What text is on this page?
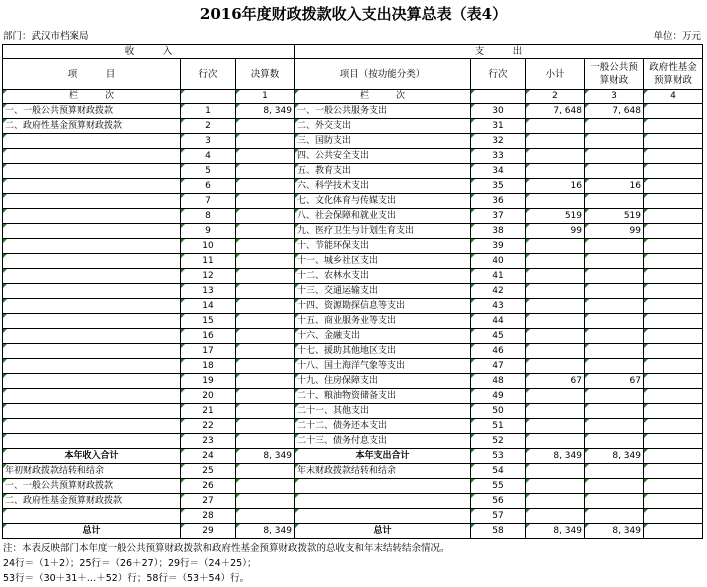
2016年度财政拨款收入支出决算总表（表4）
部门：武汉市档案局	单位：万元
收　　　入			支　　　出				
项　　　目	行次	决算数	项目（按功能分类）	行次	小计	一般公共预算财政	政府性基金预算财政
栏　　　次		1	栏　　　次		2	3	4
一、一般公共预算财政拨款	1	8, 349	一、一般公共服务支出	30	7, 648	7, 648	
二、政府性基金预算财政拨款	2		二、外交支出	31			
	3		三、国防支出	32			
	4		四、公共安全支出	33			
	5		五、教育支出	34			
	6		六、科学技术支出	35	16	16	
	7		七、文化体育与传媒支出	36			
	8		八、社会保障和就业支出	37	519	519	
	9		九、医疗卫生与计划生育支出	38	99	99	
	10		十、节能环保支出	39			
	11		十一、城乡社区支出	40			
	12		十二、农林水支出	41			
	13		十三、交通运输支出	42			
	14		十四、资源勘探信息等支出	43			
	15		十五、商业服务业等支出	44			
	16		十六、金融支出	45			
	17		十七、援助其他地区支出	46			
	18		十八、国土海洋气象等支出	47			
	19		十九、住房保障支出	48	67	67	
	20		二十、粮油物资储备支出	49			
	21		二十一、其他支出	50			
	22		二十二、债务还本支出	51			
	23		二十三、债务付息支出	52			
本年收入合计	24	8, 349	本年支出合计	53	8, 349	8, 349	
年初财政拨款结转和结余	25		年末财政拨款结转和结余	54			
一、一般公共预算财政拨款	26			55			
二、政府性基金预算财政拨款	27			56			
	28			57			
总计	29	8, 349	总计	58	8, 349	8, 349	
注：本表反映部门本年度一般公共预算财政拨款和政府性基金预算财政拨款的总收支和年末结转结余情况。
24行＝（1＋2）；25行＝（26＋27）；29行＝（24＋25）；
53行＝（30＋31＋…＋52）行；58行＝（53＋54）行。
